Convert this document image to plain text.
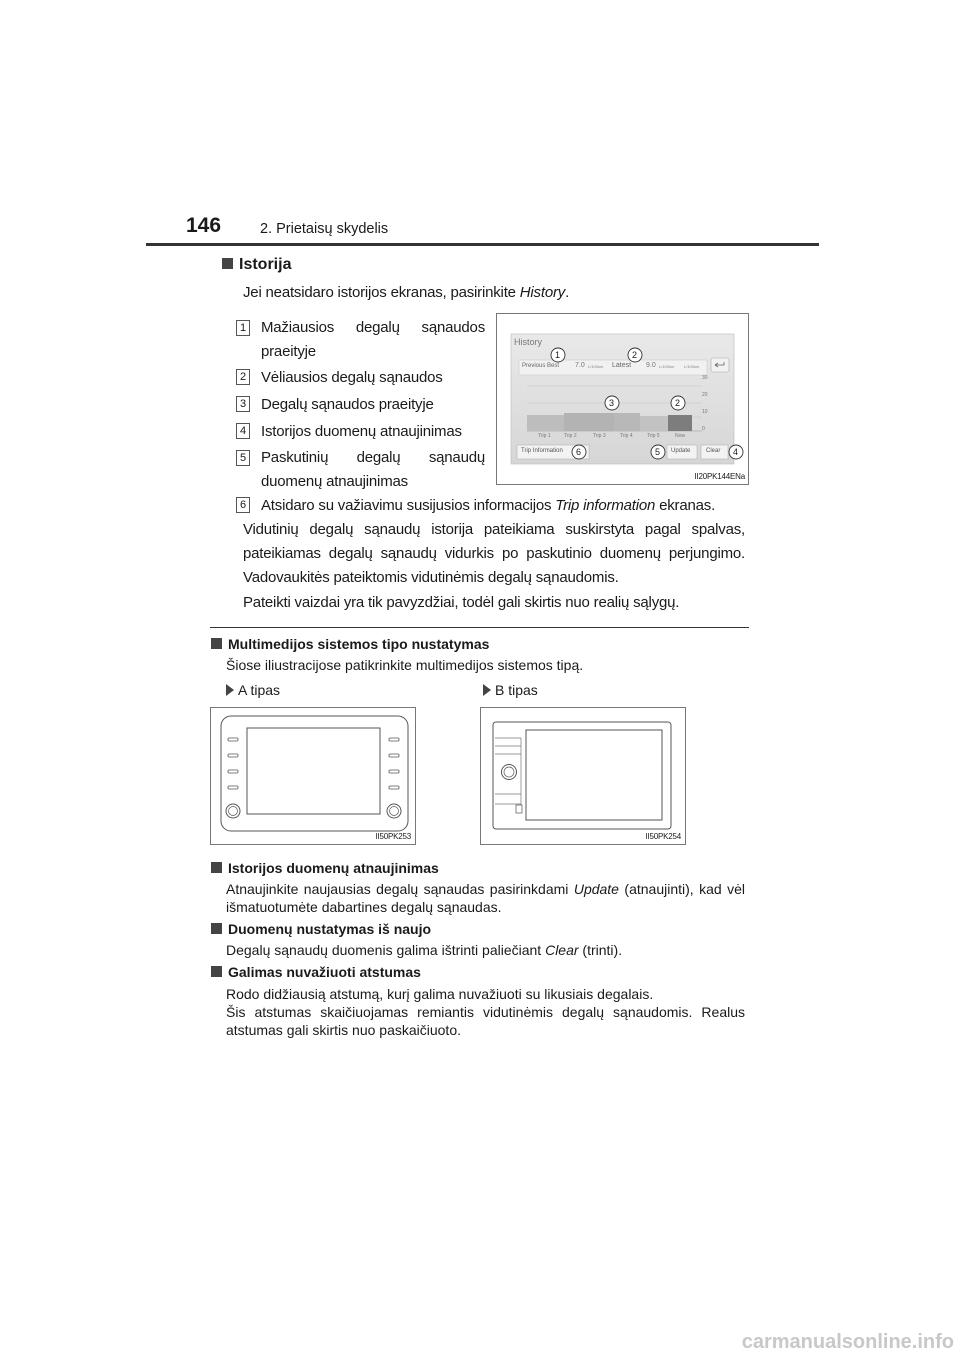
146	2. Prietaisų skydelis
Istorija
Jei neatsidaro istorijos ekranas, pasirinkite History.
1 Mažiausios degalų sąnaudos
praeityje
2 Vėliausios degalų sąnaudos
3 Degalų sąnaudos praeityje
4 Istorijos duomenų atnaujinimas
5 Paskutinių degalų sąnaudų
duomenų atnaujinimas
6 Atsidaro su važiavimu susijusios informacijos Trip information ekranas.
History
Previous Best 7.0 L/100km Latest 9.0 L/100km L/100km
30
20
10
0
Trip 1	Trip 2	Trip 3	Trip 4	Trip 5	Now
Trip Information	Update	Clear
1	2
3	2
6	5	4
II20PK144ENa
Vidutinių degalų sąnaudų istorija pateikiama suskirstyta pagal spalvas, pateikiamas degalų sąnaudų vidurkis po paskutinio duomenų perjungimo. Vadovaukitės pateiktomis vidutinėmis degalų sąnaudomis.
Pateikti vaizdai yra tik pavyzdžiai, todėl gali skirtis nuo realių sąlygų.
Multimedijos sistemos tipo nustatymas
Šiose iliustracijose patikrinkite multimedijos sistemos tipą.
A tipas	B tipas
II50PK253	II50PK254
Istorijos duomenų atnaujinimas
Atnaujinkite naujausias degalų sąnaudas pasirinkdami Update (atnaujinti), kad vėl išmatuotumėte dabartines degalų sąnaudas.
Duomenų nustatymas iš naujo
Degalų sąnaudų duomenis galima ištrinti paliečiant Clear (trinti).
Galimas nuvažiuoti atstumas
Rodo didžiausią atstumą, kurį galima nuvažiuoti su likusiais degalais.
Šis atstumas skaičiuojamas remiantis vidutinėmis degalų sąnaudomis. Realus atstumas gali skirtis nuo paskaičiuoto.
carmanualsonline.info
